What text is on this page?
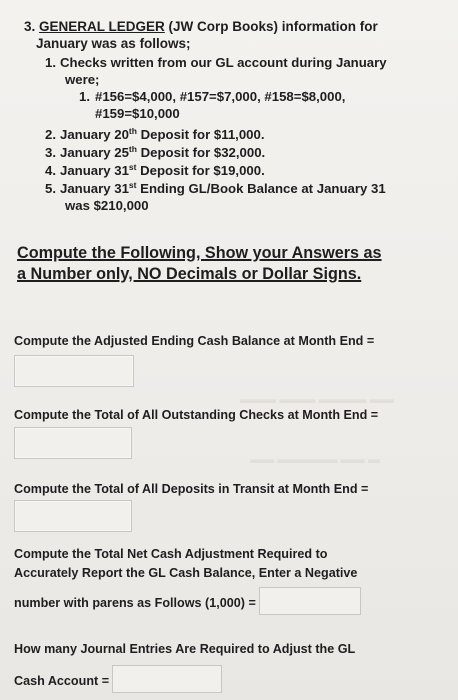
3. GENERAL LEDGER (JW Corp Books) information for
January was as follows;
1. Checks written from our GL account during January
were;
1. #156=$4,000, #157=$7,000, #158=$8,000,
#159=$10,000
2. January 20th Deposit for $11,000.
3. January 25th Deposit for $32,000.
4. January 31st Deposit for $19,000.
5. January 31st Ending GL/Book Balance at January 31
was $210,000
Compute the Following, Show your Answers as
a Number only, NO Decimals or Dollar Signs.
▬▬▬ ▬▬▬ ▬▬▬▬ ▬▬
▬▬ ▬▬▬▬▬ ▬▬ ▬
Compute the Adjusted Ending Cash Balance at Month End =
Compute the Total of All Outstanding Checks at Month End =
Compute the Total of All Deposits in Transit at Month End =
Compute the Total Net Cash Adjustment Required to
Accurately Report the GL Cash Balance, Enter a Negative
number with parens as Follows (1,000) =
How many Journal Entries Are Required to Adjust the GL
Cash Account =
